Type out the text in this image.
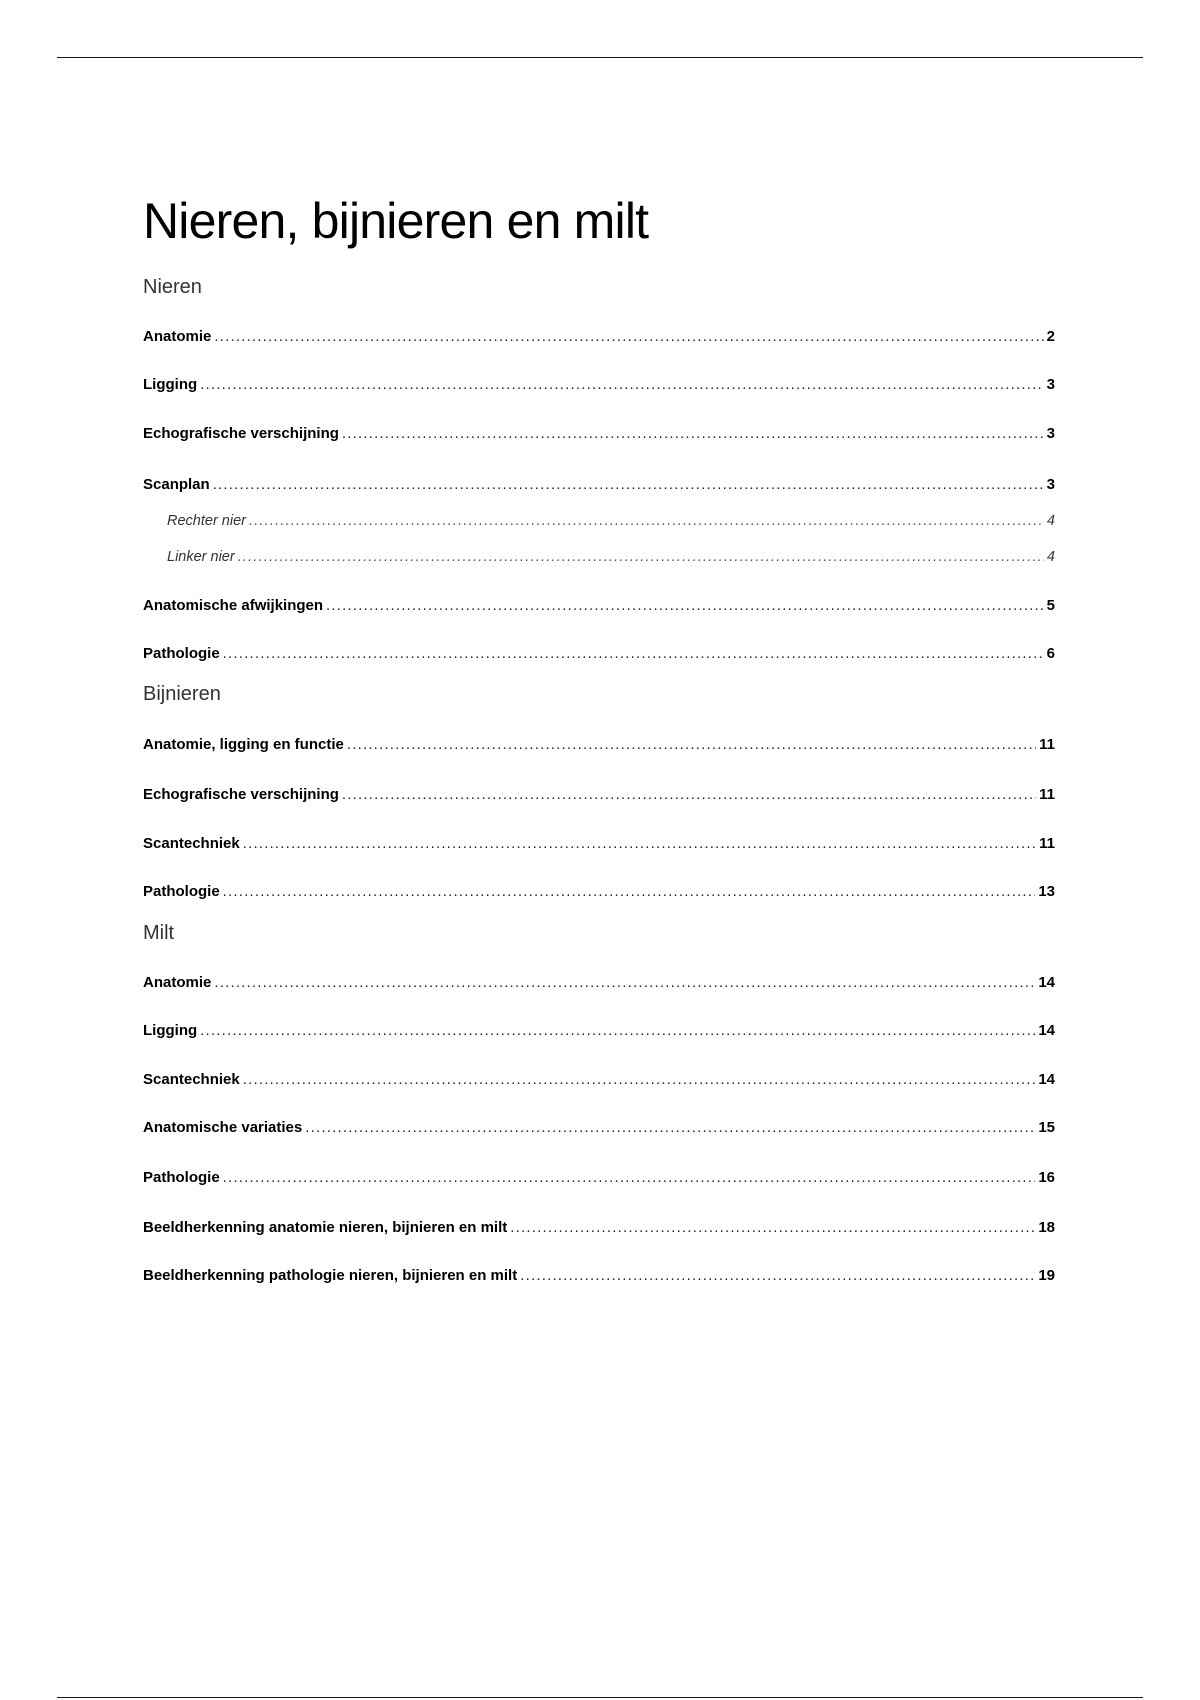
Nieren, bijnieren en milt
Nieren
Anatomie .....	2
Ligging .....	3
Echografische verschijning .....	3
Scanplan .....	3
Rechter nier .....	4
Linker nier .....	4
Anatomische afwijkingen .....	5
Pathologie .....	6
Bijnieren
Anatomie, ligging en functie .....	11
Echografische verschijning .....	11
Scantechniek .....	11
Pathologie .....	13
Milt
Anatomie .....	14
Ligging .....	14
Scantechniek .....	14
Anatomische variaties .....	15
Pathologie .....	16
Beeldherkenning anatomie nieren, bijnieren en milt .....	18
Beeldherkenning pathologie nieren, bijnieren en milt .....	19
